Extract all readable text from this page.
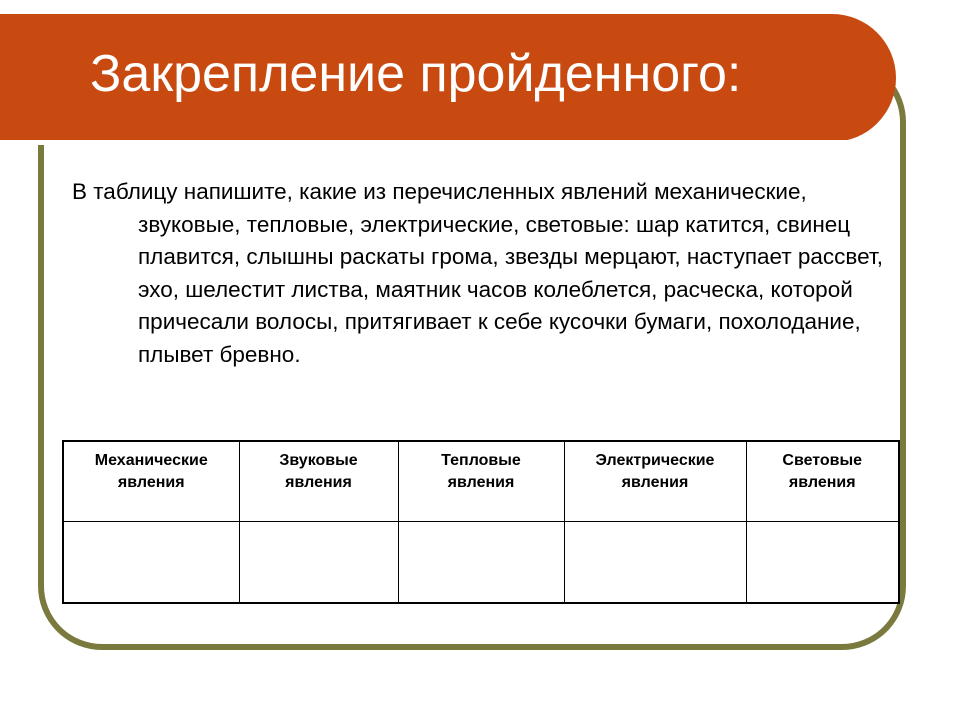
Закрепление пройденного:

В таблицу напишите, какие из перечисленных явлений механические, звуковые, тепловые, электрические, световые: шар катится, свинец плавится, слышны раскаты грома, звезды мерцают, наступает рассвет, эхо, шелестит листва, маятник часов колеблется, расческа, которой причесали волосы, притягивает к себе кусочки бумаги, похолодание, плывет бревно.

Механические
явления	Звуковые
явления	Тепловые
явления	Электрические
явления	Световые
явления
